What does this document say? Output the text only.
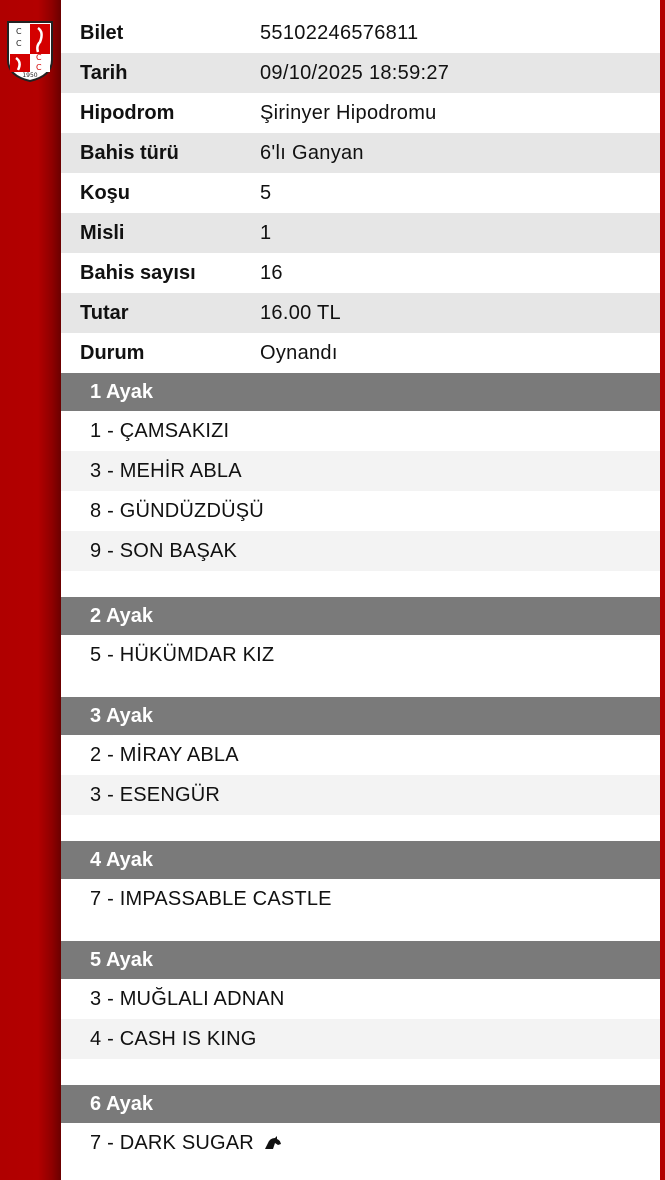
C
C
C
C
1950
Bilet	55102246576811
Tarih	09/10/2025 18:59:27
Hipodrom	Şirinyer Hipodromu
Bahis türü	6'lı Ganyan
Koşu	5
Misli	1
Bahis sayısı	16
Tutar	16.00 TL
Durum	Oynandı
1 Ayak
1 - ÇAMSAKIZI
3 - MEHİR ABLA
8 - GÜNDÜZDÜŞÜ
9 - SON BAŞAK
2 Ayak
5 - HÜKÜMDAR KIZ
3 Ayak
2 - MİRAY ABLA
3 - ESENGÜR
4 Ayak
7 - IMPASSABLE CASTLE
5 Ayak
3 - MUĞLALI ADNAN
4 - CASH IS KING
6 Ayak
7 - DARK SUGAR
